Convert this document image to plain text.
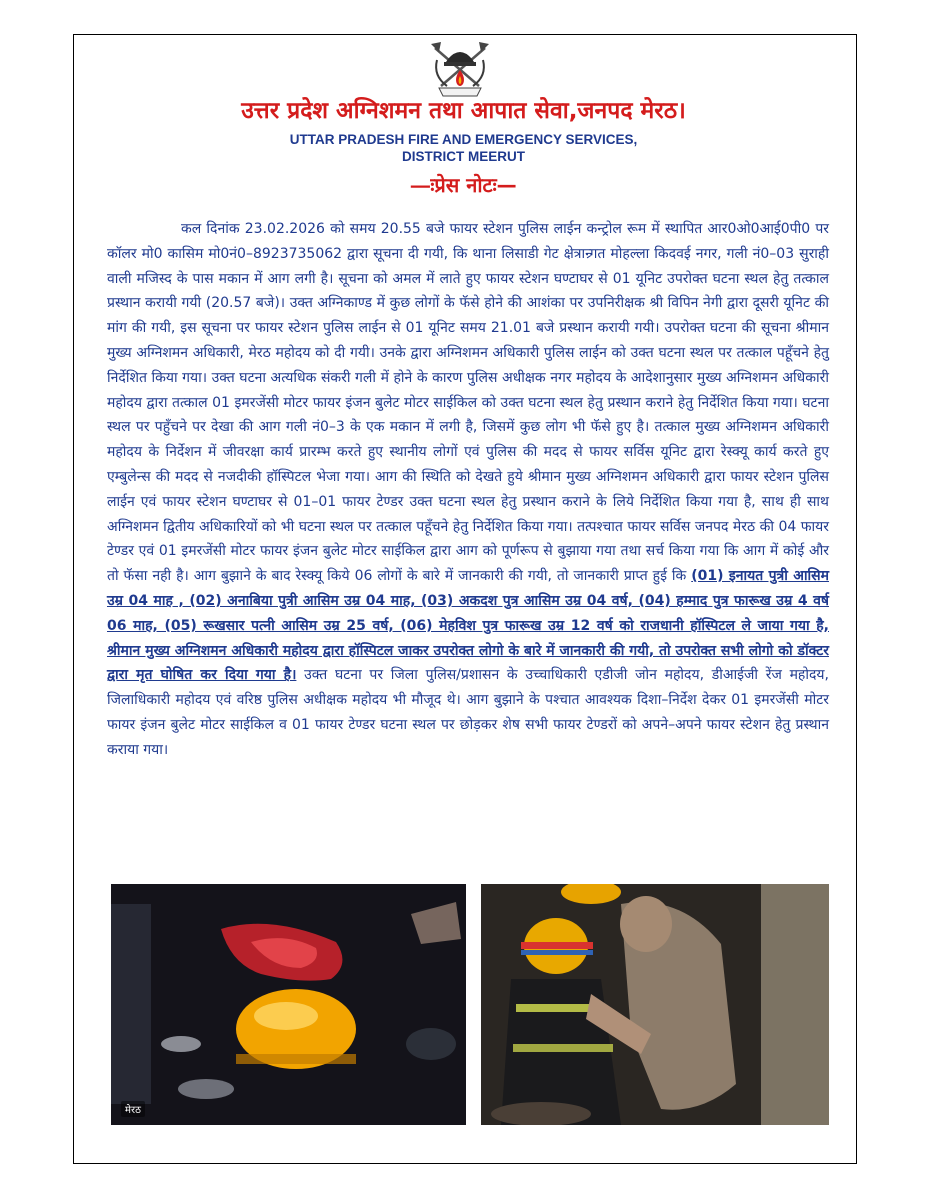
उत्तर प्रदेश अग्निशमन तथा आपात सेवा,जनपद मेरठ।
UTTAR PRADESH FIRE AND EMERGENCY SERVICES,
DISTRICT MEERUT
—ःप्रेस नोटः—

कल दिनांक 23.02.2026 को समय 20.55 बजे फायर स्टेशन पुलिस लाईन कन्ट्रोल रूम में स्थापित आर0ओ0आई0पी0 पर कॉलर मो0 कासिम मो0नं0–8923735062 द्वारा सूचना दी गयी, कि थाना लिसाडी गेट क्षेत्रान्र्गत मोहल्ला किदवई नगर, गली नं0–03 सुराही वाली मजिस्द के पास मकान में आग लगी है। सूचना को अमल में लाते हुए फायर स्टेशन घण्टाघर से 01 यूनिट उपरोक्त घटना स्थल हेतु तत्काल प्रस्थान करायी गयी (20.57 बजे)। उक्त अग्निकाण्ड में कुछ लोगों के फॅसे होने की आशंका पर उपनिरीक्षक श्री विपिन नेगी द्वारा दूसरी यूनिट की मांग की गयी, इस सूचना पर फायर स्टेशन पुलिस लाईन से 01 यूनिट समय 21.01 बजे प्रस्थान करायी गयी। उपरोक्त घटना की सूचना श्रीमान मुख्य अग्निशमन अधिकारी, मेरठ महोदय को दी गयी। उनके द्वारा अग्निशमन अधिकारी पुलिस लाईन को उक्त घटना स्थल पर तत्काल पहूँचने हेतु निर्देशित किया गया। उक्त घटना अत्यधिक संकरी गली में होने के कारण पुलिस अधीक्षक नगर महोदय के आदेशानुसार मुख्य अग्निशमन अधिकारी महोदय द्वारा तत्काल 01 इमरजेंसी मोटर फायर इंजन बुलेट मोटर साईकिल को उक्त घटना स्थल हेतु प्रस्थान कराने हेतु निर्देशित किया गया। घटना स्थल पर पहुँचने पर देखा की आग गली नं0–3 के एक मकान में लगी है, जिसमें कुछ लोग भी फॅसे हुए है। तत्काल मुख्य अग्निशमन अधिकारी महोदय के निर्देशन में जीवरक्षा कार्य प्रारम्भ करते हुए स्थानीय लोगों एवं पुलिस की मदद से फायर सर्विस यूनिट द्वारा रेस्क्यू कार्य करते हुए एम्बुलेन्स की मदद से नजदीकी हॉस्पिटल भेजा गया। आग की स्थिति को देखते हुये श्रीमान मुख्य अग्निशमन अधिकारी द्वारा फायर स्टेशन पुलिस लाईन एवं फायर स्टेशन घण्टाघर से 01–01 फायर टेण्डर उक्त घटना स्थल हेतु प्रस्थान कराने के लिये निर्देशित किया गया है, साथ ही साथ अग्निशमन द्वितीय अधिकारियों को भी घटना स्थल पर तत्काल पहूँचने हेतु निर्देशित किया गया। तत्पश्चात फायर सर्विस जनपद मेरठ की 04 फायर टेण्डर एवं 01 इमरजेंसी मोटर फायर इंजन बुलेट मोटर साईकिल द्वारा आग को पूर्णरूप से बुझाया गया तथा सर्च किया गया कि आग में कोई और तो फॅसा नही है। आग बुझाने के बाद रेस्क्यू किये 06 लोगों के बारे में जानकारी की गयी, तो जानकारी प्राप्त हुई कि (01) इनायत पुत्री आसिम उम्र 04 माह , (02) अनाबिया पुत्री आसिम उम्र 04 माह, (03) अकदश पुत्र आसिम उम्र 04 वर्ष, (04) हम्माद पुत्र फारूख उम्र 4 वर्ष 06 माह, (05) रूखसार पत्नी आसिम उम्र 25 वर्ष, (06) मेहविश पुत्र फारूख उम्र 12 वर्ष को राजधानी हॉस्पिटल ले जाया गया है, श्रीमान मुख्य अग्निशमन अधिकारी महोदय द्वारा हॉस्पिटल जाकर उपरोक्त लोगो के बारे में जानकारी की गयी, तो उपरोक्त सभी लोगो को डॉक्टर द्वारा मृत घोषित कर दिया गया है। उक्त घटना पर जिला पुलिस/प्रशासन के उच्चाधिकारी एडीजी जोन महोदय, डीआईजी रेंज महोदय, जिलाधिकारी महोदय एवं वरिष्ठ पुलिस अधीक्षक महोदय भी मौजूद थे। आग बुझाने के पश्चात आवश्यक दिशा–निर्देश देकर 01 इमरजेंसी मोटर फायर इंजन बुलेट मोटर साईकिल व 01 फायर टेण्डर घटना स्थल पर छोड़कर शेष सभी फायर टेण्डरों को अपने–अपने फायर स्टेशन हेतु प्रस्थान कराया गया।

मेरठ
